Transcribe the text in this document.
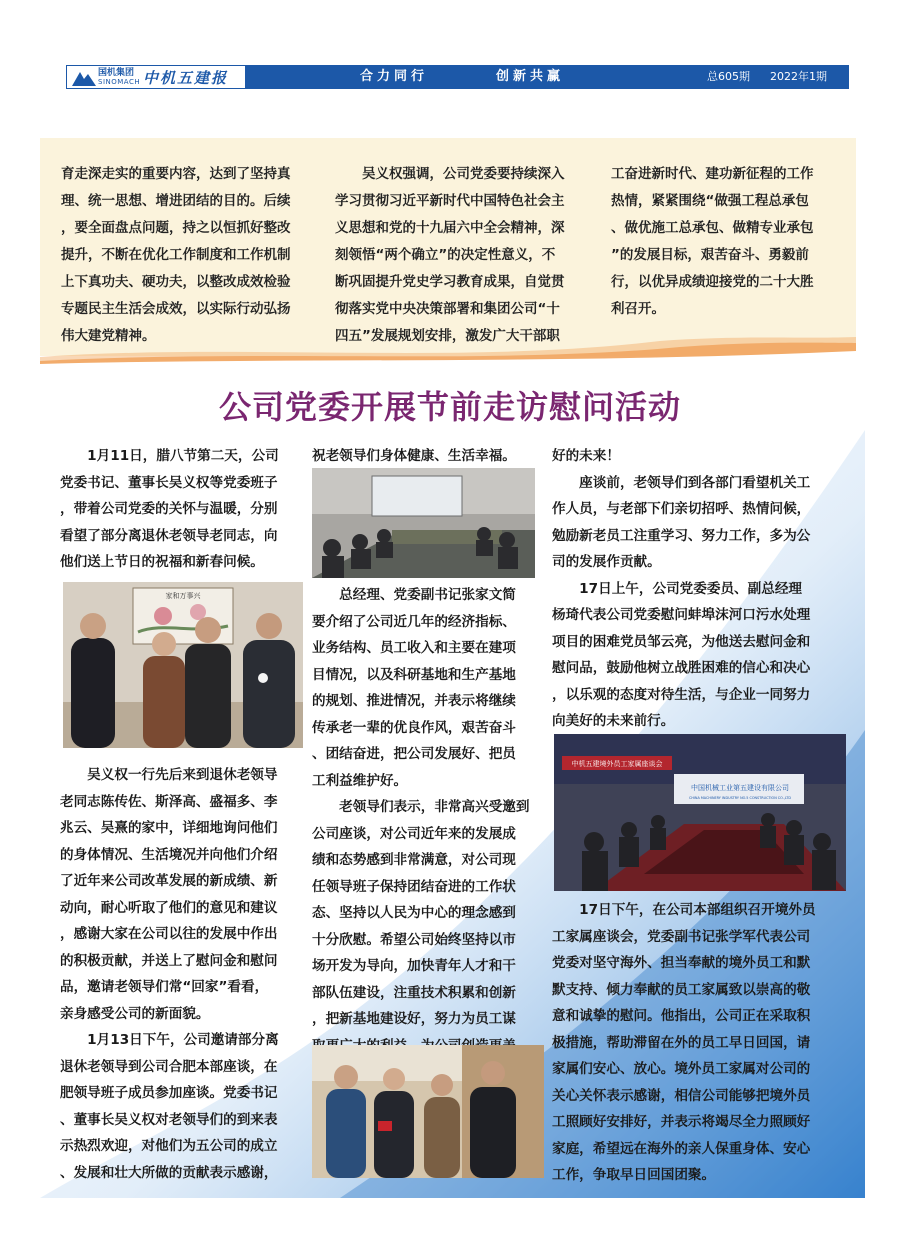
国机集团
SINOMACH 中机五建报	合力同行	创新共赢	总605期 2022年1期
育走深走实的重要内容，达到了坚持真
理、统一思想、增进团结的目的。后续
，要全面盘点问题，持之以恒抓好整改
提升，不断在优化工作制度和工作机制
上下真功夫、硬功夫，以整改成效检验
专题民主生活会成效，以实际行动弘扬
伟大建党精神。
　　吴义权强调，公司党委要持续深入
学习贯彻习近平新时代中国特色社会主
义思想和党的十九届六中全会精神，深
刻领悟“两个确立”的决定性意义，不
断巩固提升党史学习教育成果，自觉贯
彻落实党中央决策部署和集团公司“十
四五”发展规划安排，激发广大干部职
工奋进新时代、建功新征程的工作
热情，紧紧围绕“做强工程总承包
、做优施工总承包、做精专业承包
”的发展目标，艰苦奋斗、勇毅前
行，以优异成绩迎接党的二十大胜
利召开。
公司党委开展节前走访慰问活动
　　1月11日，腊八节第二天，公司
党委书记、董事长吴义权等党委班子
，带着公司党委的关怀与温暖，分别
看望了部分离退休老领导老同志，向
他们送上节日的祝福和新春问候。
　　吴义权一行先后来到退休老领导
老同志陈传佐、斯泽高、盛福多、李
兆云、吴熹的家中，详细地询问他们
的身体情况、生活境况并向他们介绍
了近年来公司改革发展的新成绩、新
动向，耐心听取了他们的意见和建议
，感谢大家在公司以往的发展中作出
的积极贡献，并送上了慰问金和慰问
品，邀请老领导们常“回家”看看，
亲身感受公司的新面貌。
　　1月13日下午，公司邀请部分离
退休老领导到公司合肥本部座谈，在
肥领导班子成员参加座谈。党委书记
、董事长吴义权对老领导们的到来表
示热烈欢迎，对他们为五公司的成立
、发展和壮大所做的贡献表示感谢，
祝老领导们身体健康、生活幸福。
　　总经理、党委副书记张家文简
要介绍了公司近几年的经济指标、
业务结构、员工收入和主要在建项
目情况，以及科研基地和生产基地
的规划、推进情况，并表示将继续
传承老一辈的优良作风，艰苦奋斗
、团结奋进，把公司发展好、把员
工利益维护好。
　　老领导们表示，非常高兴受邀到
公司座谈，对公司近年来的发展成
绩和态势感到非常满意，对公司现
任领导班子保持团结奋进的工作状
态、坚持以人民为中心的理念感到
十分欣慰。希望公司始终坚持以市
场开发为导向，加快青年人才和干
部队伍建设，注重技术积累和创新
，把新基地建设好，努力为员工谋

好的未来！
　　座谈前，老领导们到各部门看望机关工
作人员，与老部下们亲切招呼、热情问候，
勉励新老员工注重学习、努力工作，多为公
司的发展作贡献。
　　17日上午，公司党委委员、副总经理
杨琦代表公司党委慰问蚌埠沫河口污水处理
项目的困难党员邹云亮，为他送去慰问金和
慰问品，鼓励他树立战胜困难的信心和决心
，以乐观的态度对待生活，与企业一同努力
向美好的未来前行。
　　17日下午，在公司本部组织召开境外员
工家属座谈会，党委副书记张学军代表公司
党委对坚守海外、担当奉献的境外员工和默
默支持、倾力奉献的员工家属致以崇高的敬
意和诚挚的慰问。他指出，公司正在采取积
极措施，帮助滞留在外的员工早日回国，请
家属们安心、放心。境外员工家属对公司的
关心关怀表示感谢，相信公司能够把境外员
工照顾好安排好，并表示将竭尽全力照顾好
家庭，希望远在海外的亲人保重身体、安心
工作，争取早日回国团聚。
家和万事兴
中机五建境外员工家属座谈会
中国机械工业第五建设有限公司
CHINA MACHINERY INDUSTRY NO.5 CONSTRUCTION CO.,LTD
